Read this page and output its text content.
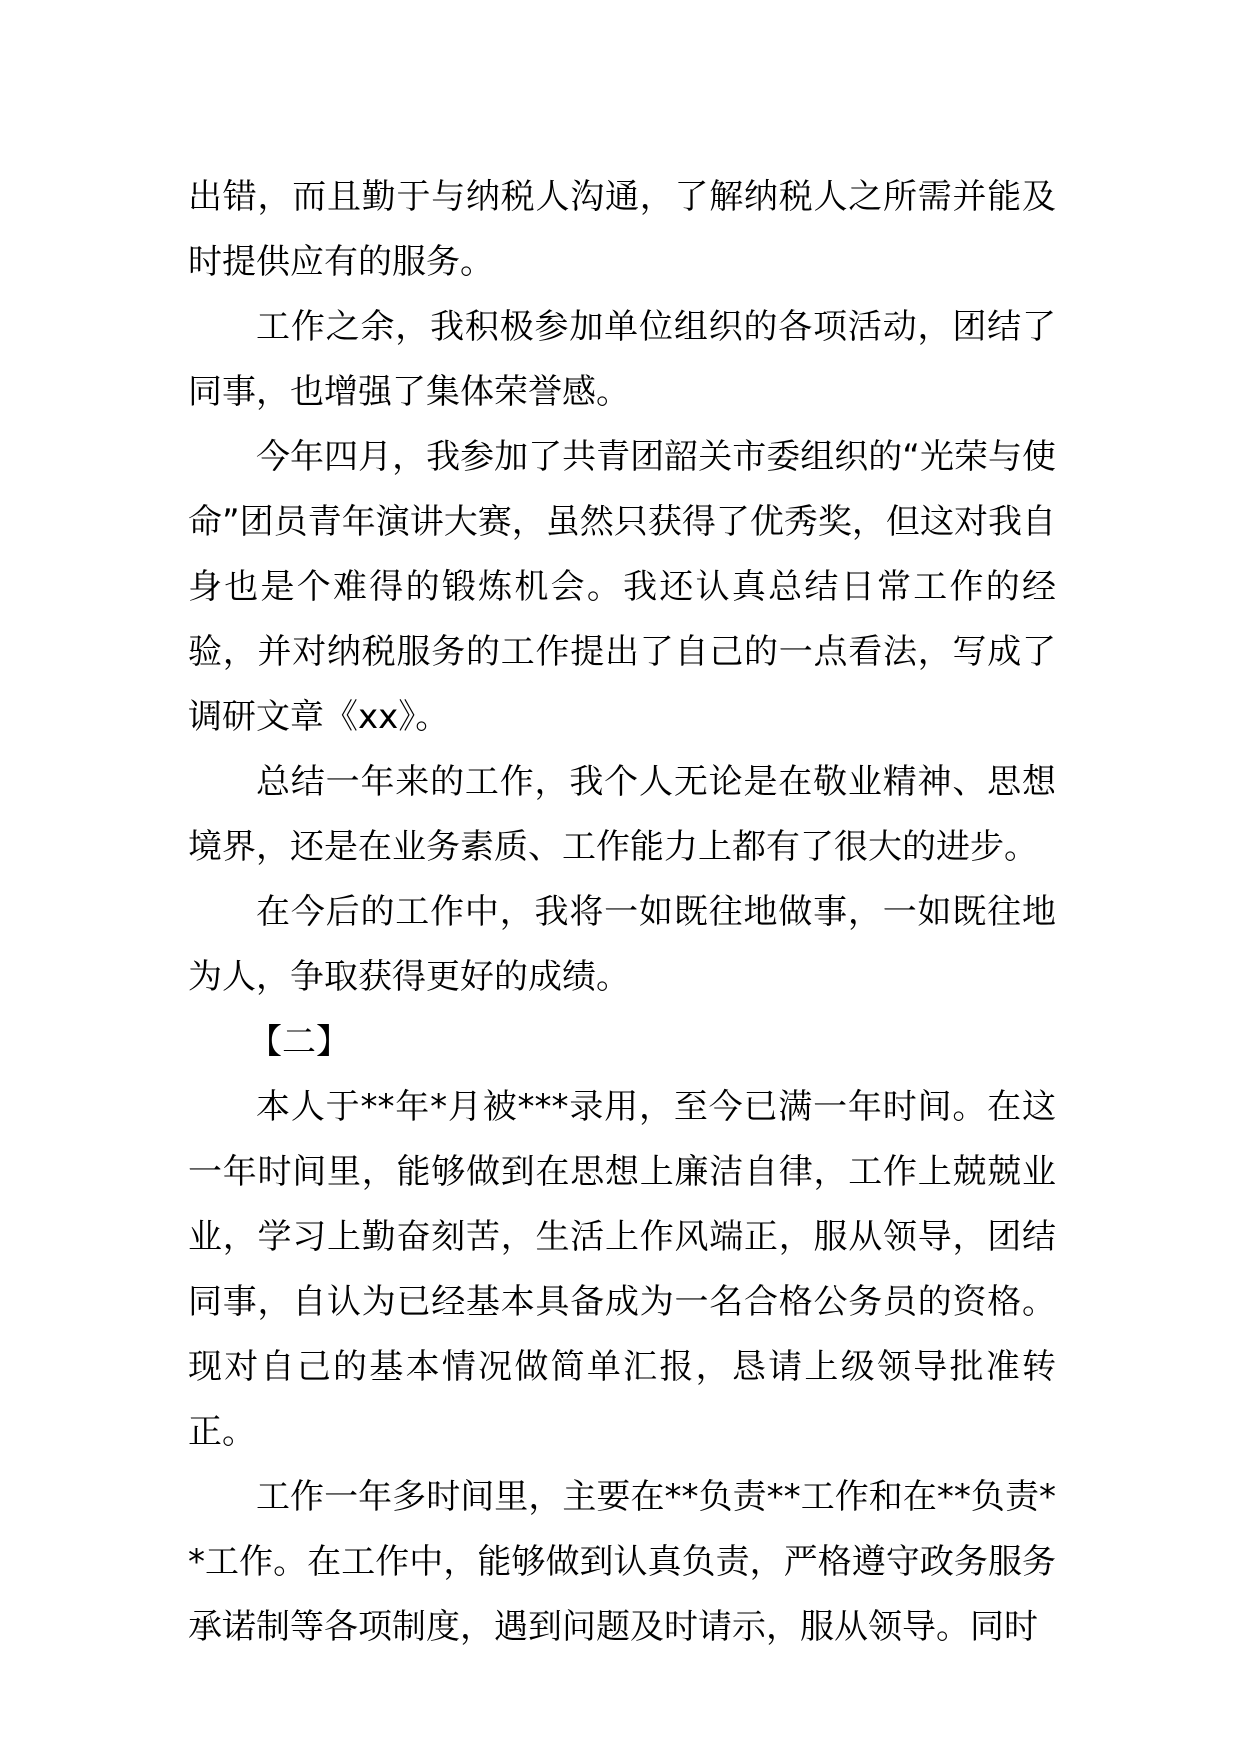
出错，而且勤于与纳税人沟通，了解纳税人之所需并能及时提供应有的服务。

工作之余，我积极参加单位组织的各项活动，团结了同事，也增强了集体荣誉感。

今年四月，我参加了共青团韶关市委组织的“光荣与使命”团员青年演讲大赛，虽然只获得了优秀奖，但这对我自身也是个难得的锻炼机会。我还认真总结日常工作的经验，并对纳税服务的工作提出了自己的一点看法，写成了调研文章《xx》。

总结一年来的工作，我个人无论是在敬业精神、思想境界，还是在业务素质、工作能力上都有了很大的进步。

在今后的工作中，我将一如既往地做事，一如既往地为人，争取获得更好的成绩。

【二】

本人于**年*月被***录用，至今已满一年时间。在这一年时间里，能够做到在思想上廉洁自律，工作上兢兢业业，学习上勤奋刻苦，生活上作风端正，服从领导，团结同事，自认为已经基本具备成为一名合格公务员的资格。现对自己的基本情况做简单汇报，恳请上级领导批准转正。

工作一年多时间里，主要在**负责**工作和在**负责**工作。在工作中，能够做到认真负责，严格遵守政务服务承诺制等各项制度，遇到问题及时请示，服从领导。同时
